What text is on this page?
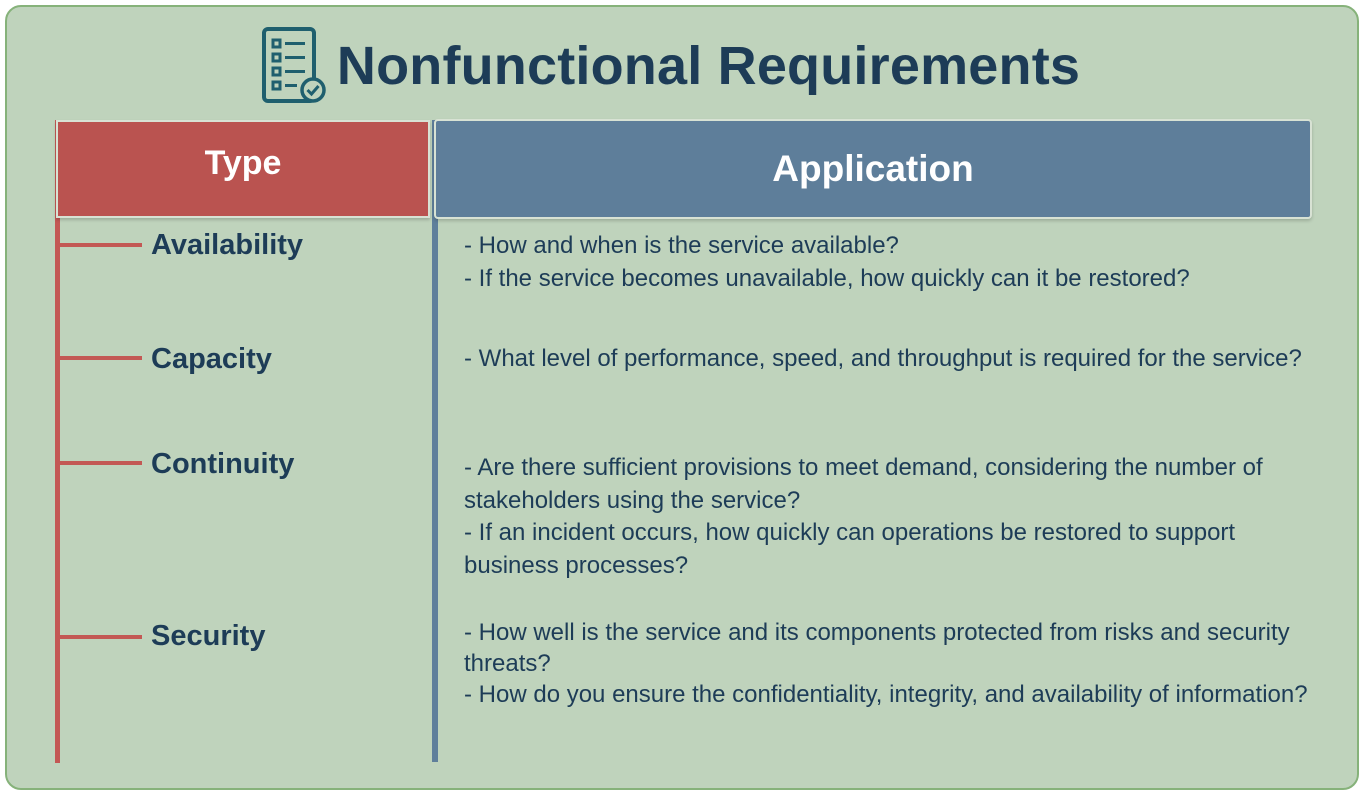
Nonfunctional Requirements
Type	Application
Availability	- How and when is the service available?

- If the service becomes unavailable, how quickly can it be restored?

Capacity	- What level of performance, speed, and throughput is required for the service?

Continuity	- Are there sufficient provisions to meet demand, considering the number of stakeholders using the service?

- If an incident occurs, how quickly can operations be restored to support business processes?

Security	- How well is the service and its components protected from risks and security threats?

- How do you ensure the confidentiality, integrity, and availability of information?
